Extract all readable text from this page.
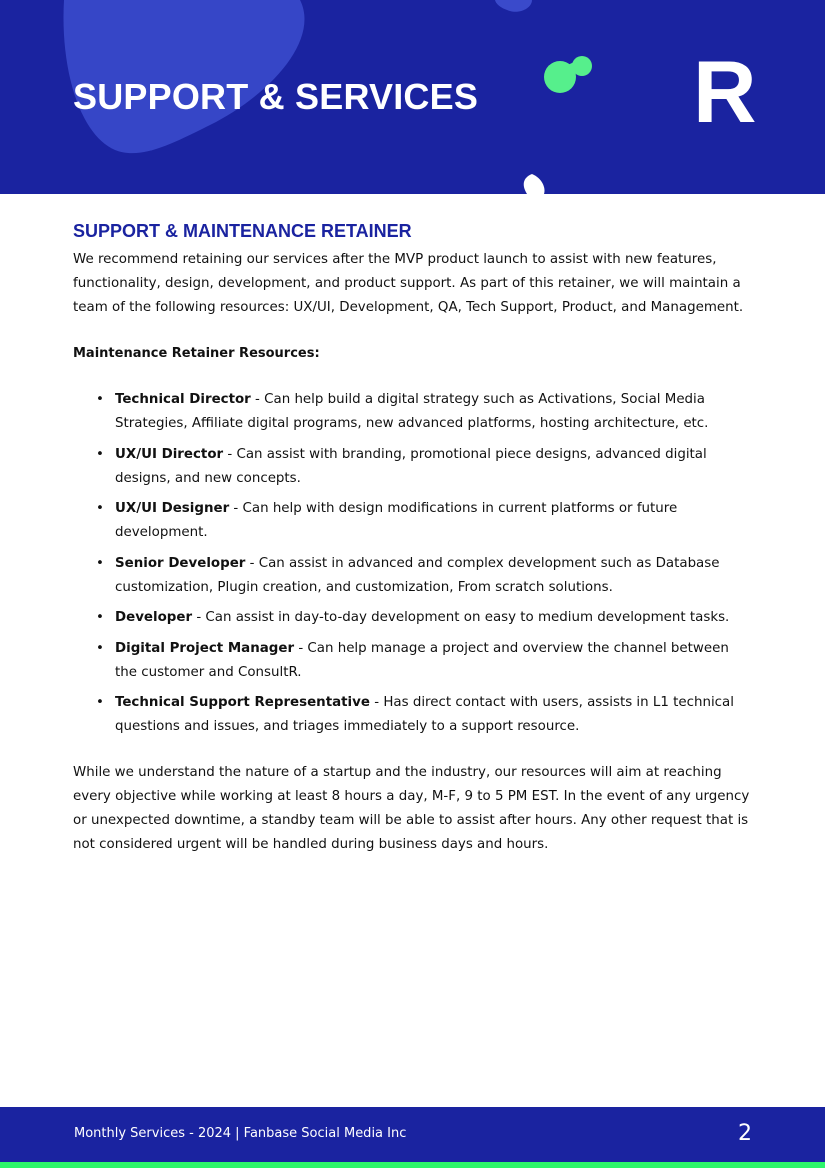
SUPPORT & SERVICES R
SUPPORT & MAINTENANCE RETAINER

We recommend retaining our services after the MVP product launch to assist with new features, functionality, design, development, and product support. As part of this retainer, we will maintain a team of the following resources: UX/UI, Development, QA, Tech Support, Product, and Management.

Maintenance Retainer Resources:

• Technical Director - Can help build a digital strategy such as Activations, Social Media Strategies, Affiliate digital programs, new advanced platforms, hosting architecture, etc.
• UX/UI Director - Can assist with branding, promotional piece designs, advanced digital designs, and new concepts.
• UX/UI Designer - Can help with design modifications in current platforms or future development.
• Senior Developer - Can assist in advanced and complex development such as Database customization, Plugin creation, and customization, From scratch solutions.
• Developer - Can assist in day-to-day development on easy to medium development tasks.
• Digital Project Manager - Can help manage a project and overview the channel between the customer and ConsultR.
• Technical Support Representative - Has direct contact with users, assists in L1 technical questions and issues, and triages immediately to a support resource.

While we understand the nature of a startup and the industry, our resources will aim at reaching every objective while working at least 8 hours a day, M-F, 9 to 5 PM EST. In the event of any urgency or unexpected downtime, a standby team will be able to assist after hours. Any other request that is not considered urgent will be handled during business days and hours.

Monthly Services - 2024 | Fanbase Social Media Inc	2
